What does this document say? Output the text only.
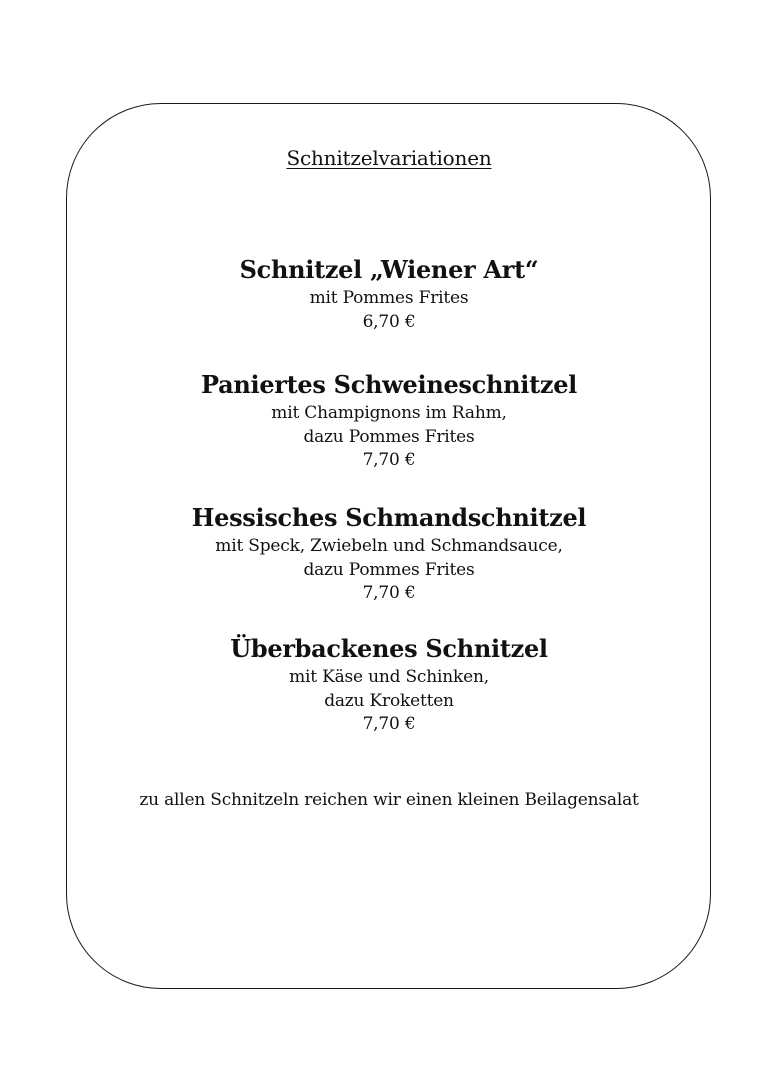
Schnitzelvariationen
Schnitzel „Wiener Art“
mit Pommes Frites
6,70 €
Paniertes Schweineschnitzel
mit Champignons im Rahm,
dazu Pommes Frites
7,70 €
Hessisches Schmandschnitzel
mit Speck, Zwiebeln und Schmandsauce,
dazu Pommes Frites
7,70 €
Überbackenes Schnitzel
mit Käse und Schinken,
dazu Kroketten
7,70 €
zu allen Schnitzeln reichen wir einen kleinen Beilagensalat
